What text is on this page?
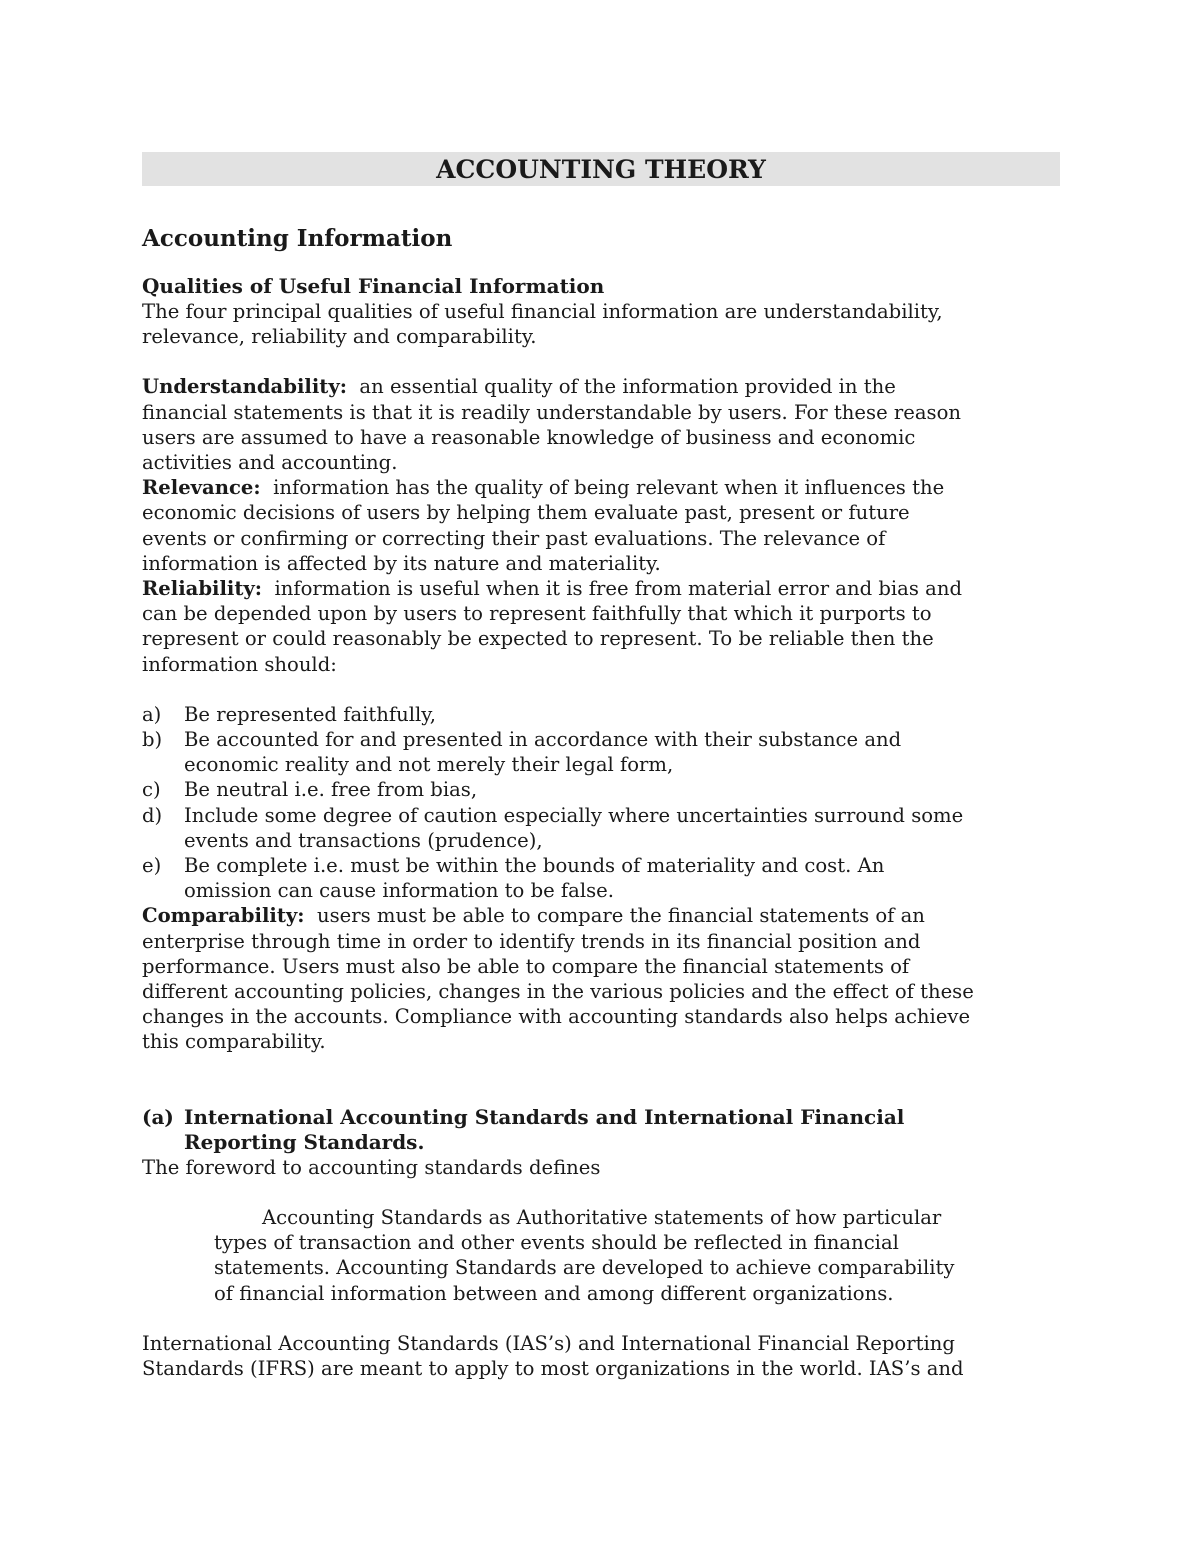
ACCOUNTING THEORY
Accounting Information
Qualities of Useful Financial Information
The four principal qualities of useful financial information are understandability,
relevance, reliability and comparability.
Understandability:  an essential quality of the information provided in the
financial statements is that it is readily understandable by users. For these reason
users are assumed to have a reasonable knowledge of business and economic
activities and accounting.
Relevance:  information has the quality of being relevant when it influences the
economic decisions of users by helping them evaluate past, present or future
events or confirming or correcting their past evaluations. The relevance of
information is affected by its nature and materiality.
Reliability:  information is useful when it is free from material error and bias and
can be depended upon by users to represent faithfully that which it purports to
represent or could reasonably be expected to represent. To be reliable then the
information should:
a) Be represented faithfully,
b) Be accounted for and presented in accordance with their substance and
economic reality and not merely their legal form,
c) Be neutral i.e. free from bias,
d) Include some degree of caution especially where uncertainties surround some
events and transactions (prudence),
e) Be complete i.e. must be within the bounds of materiality and cost. An
omission can cause information to be false.
Comparability:  users must be able to compare the financial statements of an
enterprise through time in order to identify trends in its financial position and
performance. Users must also be able to compare the financial statements of
different accounting policies, changes in the various policies and the effect of these
changes in the accounts. Compliance with accounting standards also helps achieve
this comparability.
(a) International Accounting Standards and International Financial
Reporting Standards.
The foreword to accounting standards defines
Accounting Standards as Authoritative statements of how particular
types of transaction and other events should be reflected in financial
statements. Accounting Standards are developed to achieve comparability
of financial information between and among different organizations.
International Accounting Standards (IAS’s) and International Financial Reporting
Standards (IFRS) are meant to apply to most organizations in the world. IAS’s and
